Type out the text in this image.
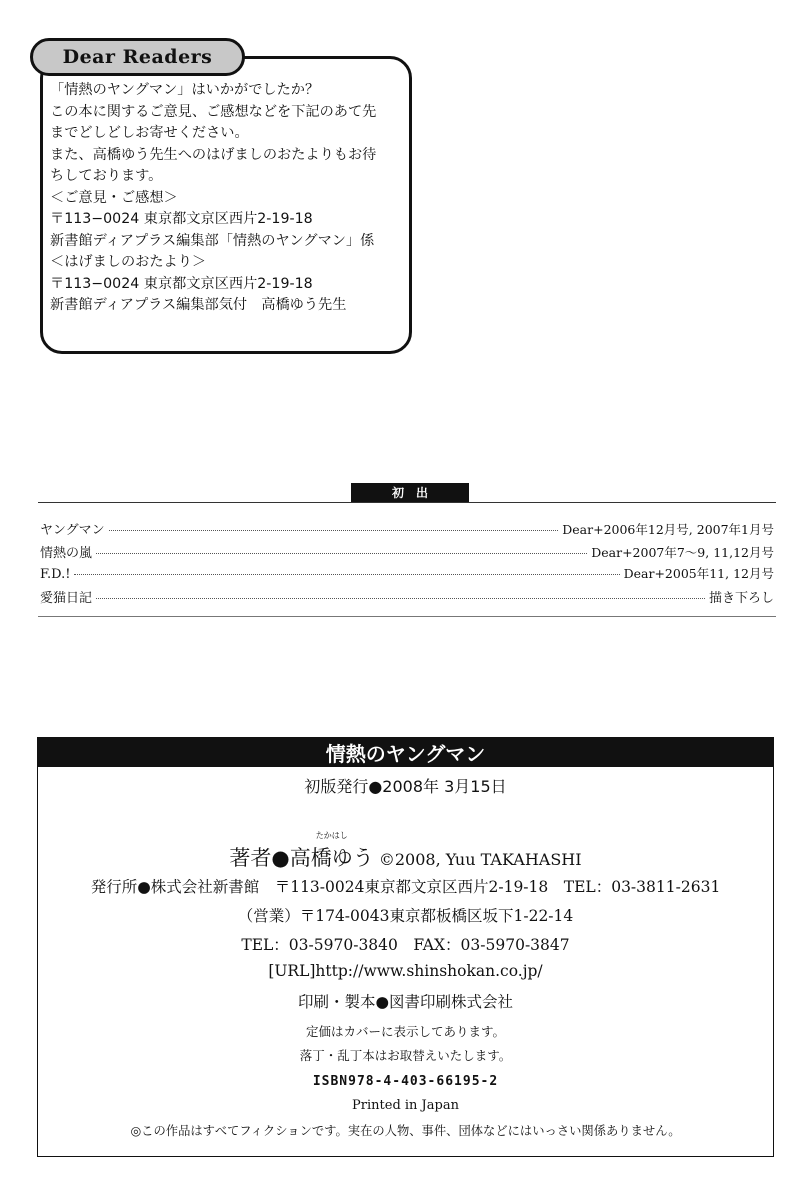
Dear Readers
「情熱のヤングマン」はいかがでしたか？
この本に関するご意見、ご感想などを下記のあて先
までどしどしお寄せください。
また、高橋ゆう先生へのはげましのおたよりもお待
ちしております。
＜ご意見・ご感想＞
〒113−0024 東京都文京区西片2-19-18
新書館ディアプラス編集部「情熱のヤングマン」係
＜はげましのおたより＞
〒113−0024 東京都文京区西片2-19-18
新書館ディアプラス編集部気付　高橋ゆう先生
初出
ヤングマン	Dear+2006年12月号, 2007年1月号
情熱の嵐	Dear+2007年7〜9, 11,12月号
F.D.!	Dear+2005年11, 12月号
愛猫日記	描き下ろし
情熱のヤングマン
初版発行●2008年 3月15日
著者●
たかはし
高橋ゆう ©2008, Yuu TAKAHASHI
発行所●株式会社新書館　〒113-0024東京都文京区西片2-19-18　TEL：03-3811-2631
（営業）〒174-0043東京都板橋区坂下1-22-14
TEL：03-5970-3840　FAX：03-5970-3847
[URL]http://www.shinshokan.co.jp/
印刷・製本●図書印刷株式会社
定価はカバーに表示してあります。
落丁・乱丁本はお取替えいたします。
ISBN978-4-403-66195-2
Printed in Japan
◎この作品はすべてフィクションです。実在の人物、事件、団体などにはいっさい関係ありません。
